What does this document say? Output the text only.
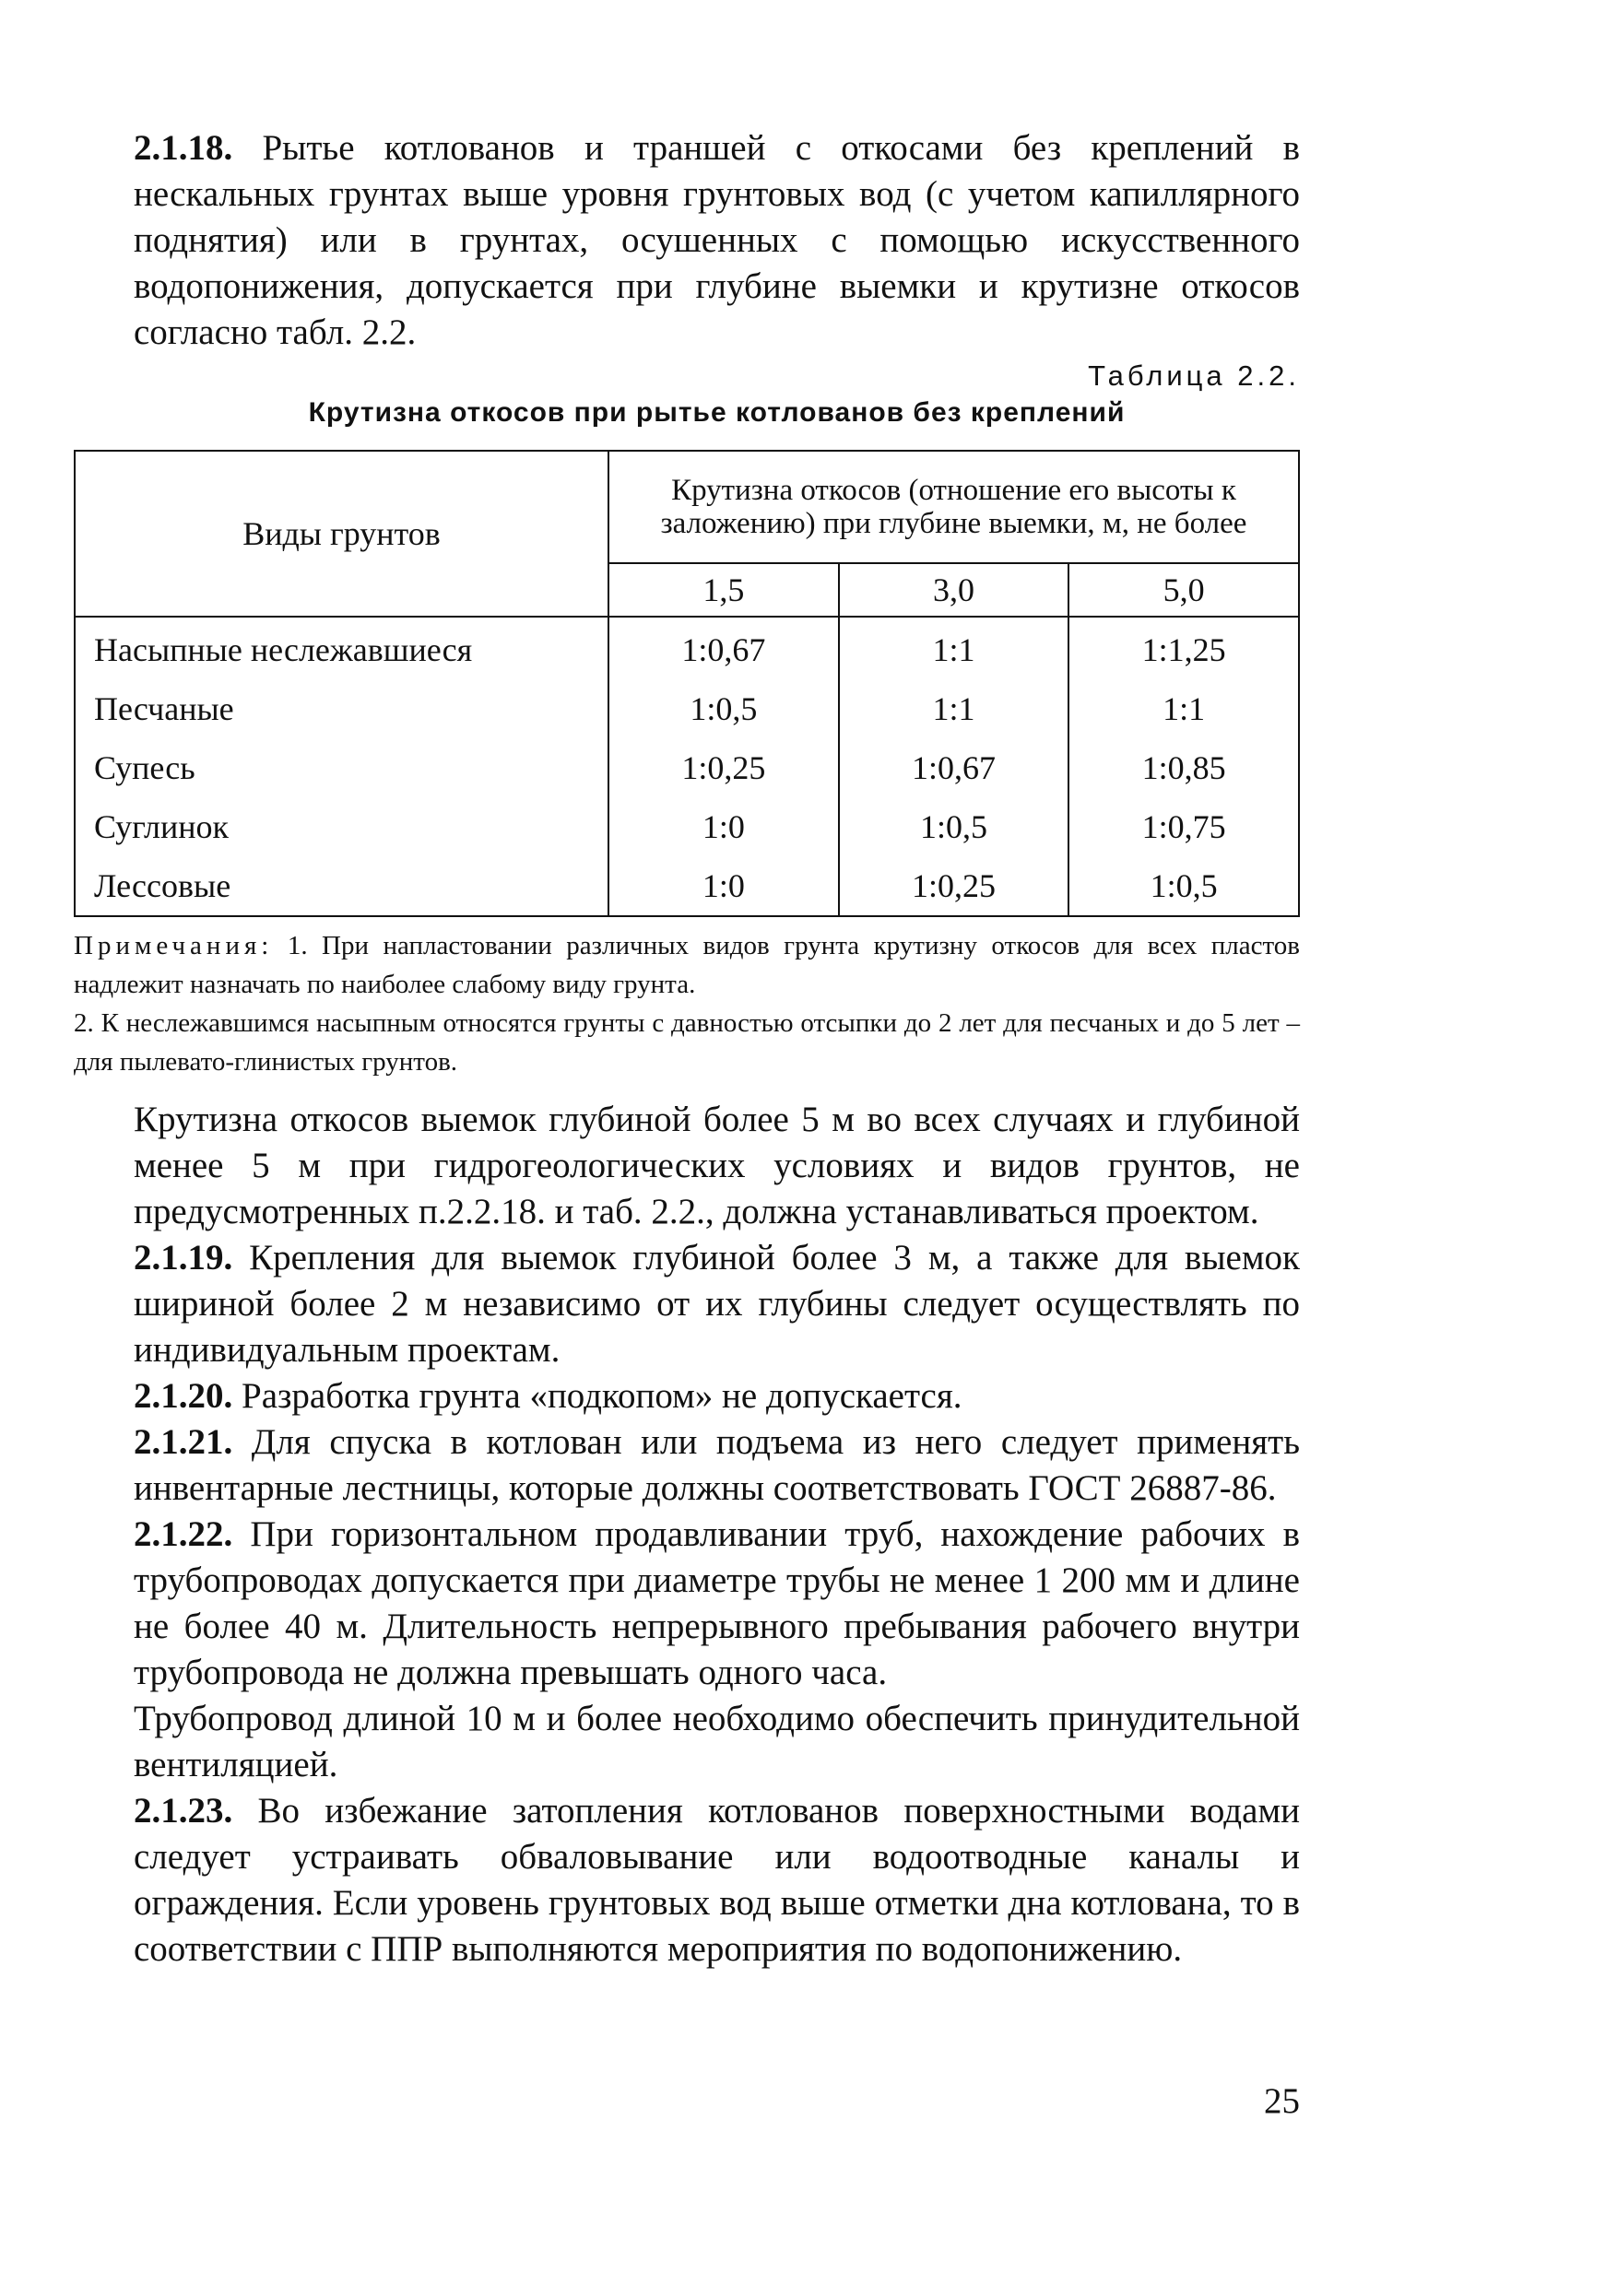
2.1.18. Рытье котлованов и траншей с откосами без креплений в нескальных грунтах выше уровня грунтовых вод (с учетом капиллярного поднятия) или в грунтах, осушенных с помощью искусственного водопонижения, допускается при глубине выемки и крутизне откосов согласно табл. 2.2.

Таблица 2.2.
Крутизна откосов при рытье котлованов без креплений
Виды грунтов	Крутизна откосов (отношение его высоты к заложению) при глубине выемки, м, не более		
	1,5	3,0	5,0
Насыпные неслежавшиеся	1:0,67	1:1	1:1,25
Песчаные	1:0,5	1:1	1:1
Супесь	1:0,25	1:0,67	1:0,85
Суглинок	1:0	1:0,5	1:0,75
Лессовые	1:0	1:0,25	1:0,5

Примечания: 1. При напластовании различных видов грунта крутизну откосов для всех пластов надлежит назначать по наиболее слабому виду грунта.

2. К неслежавшимся насыпным относятся грунты с давностью отсыпки до 2 лет для песчаных и до 5 лет – для пылевато-глинистых грунтов.

Крутизна откосов выемок глубиной более 5 м во всех случаях и глубиной менее 5 м при гидрогеологических условиях и видов грунтов, не предусмотренных п.2.2.18. и таб. 2.2., должна устанавливаться проектом.

2.1.19. Крепления для выемок глубиной более 3 м, а также для выемок шириной более 2 м независимо от их глубины следует осуществлять по индивидуальным проектам.

2.1.20. Разработка грунта «подкопом» не допускается.

2.1.21. Для спуска в котлован или подъема из него следует применять инвентарные лестницы, которые должны соответствовать ГОСТ 26887-86.

2.1.22. При горизонтальном продавливании труб, нахождение рабочих в трубопроводах допускается при диаметре трубы не менее 1 200 мм и длине не более 40 м. Длительность непрерывного пребывания рабочего внутри трубопровода не должна превышать одного часа.

Трубопровод длиной 10 м и более необходимо обеспечить принудительной вентиляцией.

2.1.23. Во избежание затопления котлованов поверхностными водами следует устраивать обваловывание или водоотводные каналы и ограждения. Если уровень грунтовых вод выше отметки дна котлована, то в соответствии с ППР выполняются мероприятия по водопонижению.

25
